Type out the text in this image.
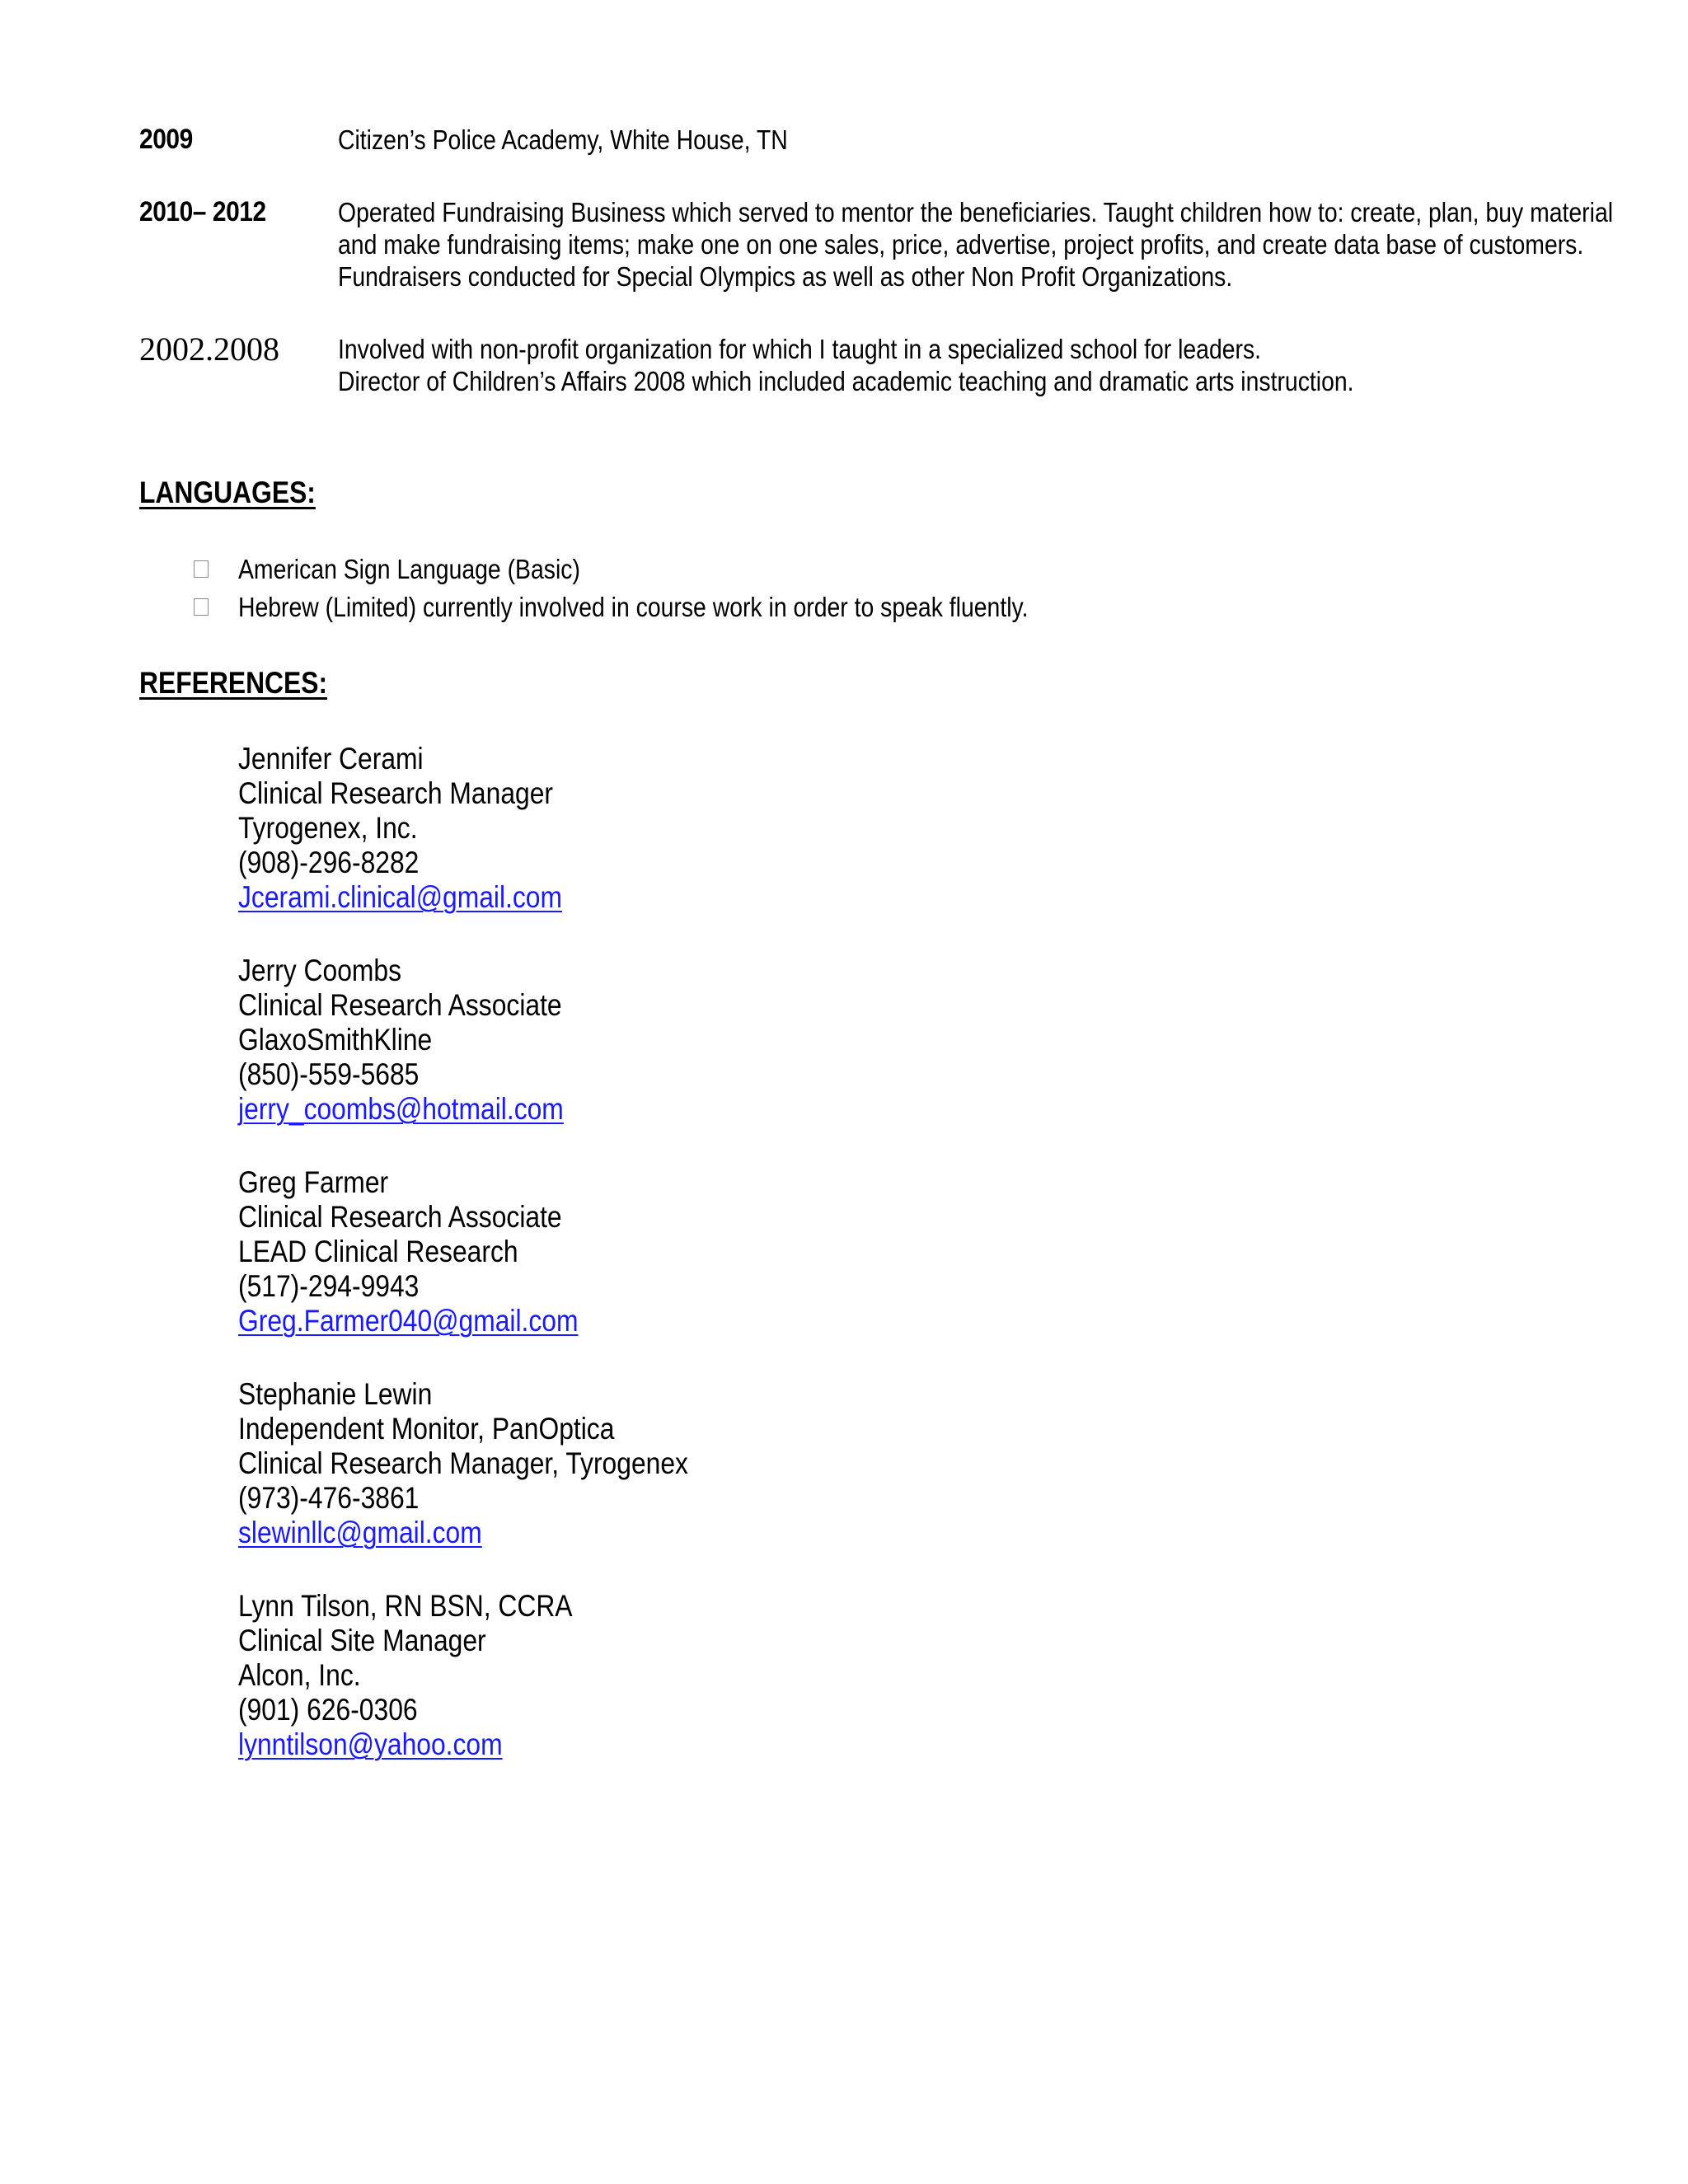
2009	Citizen’s Police Academy, White House, TN
2010– 2012	Operated Fundraising Business which served to mentor the beneficiaries. Taught children how to: create, plan, buy material
and make fundraising items; make one on one sales, price, advertise, project profits, and create data base of customers.
Fundraisers conducted for Special Olympics as well as other Non Profit Organizations.
2002.2008 Involved with non-profit organization for which I taught in a specialized school for leaders.
Director of Children’s Affairs 2008 which included academic teaching and dramatic arts instruction.
LANGUAGES:
American Sign Language (Basic)
Hebrew (Limited) currently involved in course work in order to speak fluently.
REFERENCES:
Jennifer Cerami
Clinical Research Manager
Tyrogenex, Inc.
(908)-296-8282
Jcerami.clinical@gmail.com
Jerry Coombs
Clinical Research Associate
GlaxoSmithKline
(850)-559-5685
jerry_coombs@hotmail.com
Greg Farmer
Clinical Research Associate
LEAD Clinical Research
(517)-294-9943
Greg.Farmer040@gmail.com
Stephanie Lewin
Independent Monitor, PanOptica
Clinical Research Manager, Tyrogenex
(973)-476-3861
slewinllc@gmail.com
Lynn Tilson, RN BSN, CCRA
Clinical Site Manager
Alcon, Inc.
(901) 626-0306
lynntilson@yahoo.com
